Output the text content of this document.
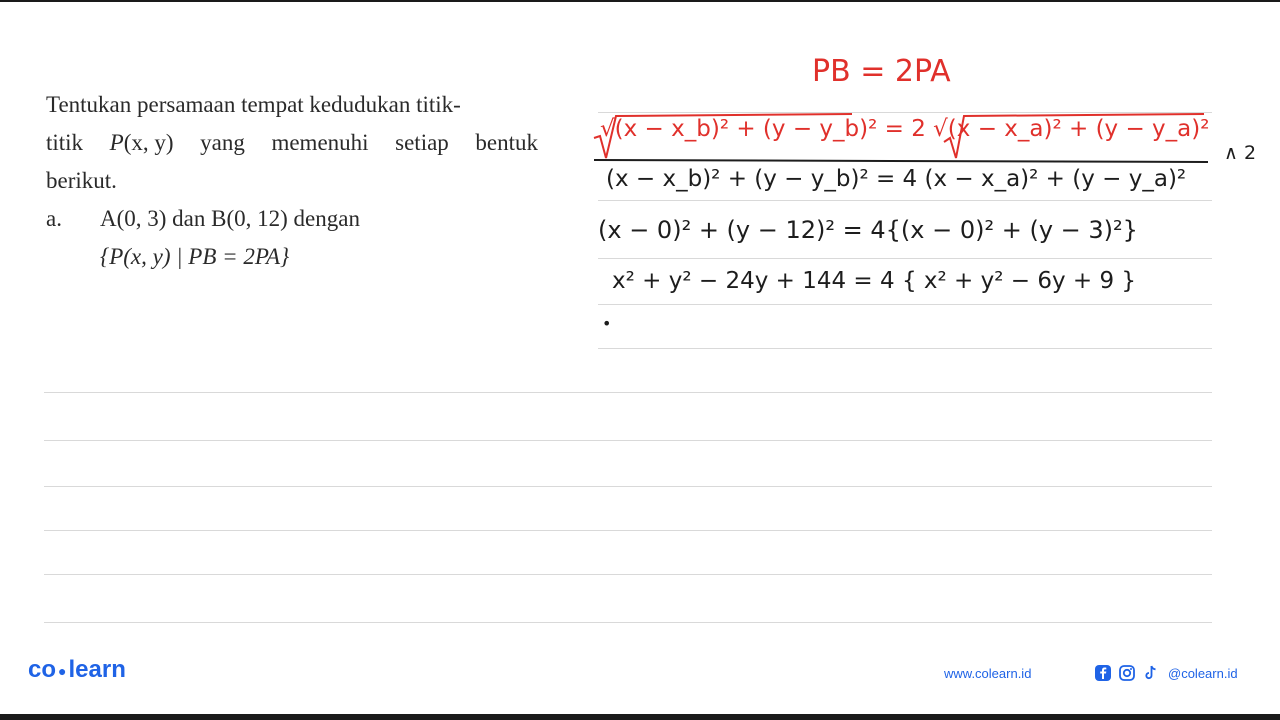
Tentukan persamaan tempat kedudukan titik-
titik P(x, y) yang memenuhi setiap bentuk
berikut.
a. A(0, 3) dan B(0, 12) dengan
{P(x, y) | PB = 2PA}
PB = 2PA
√(x − x_b)² + (y − y_b)² = 2 √(x − x_a)² + (y − y_a)²
∧ 2
(x − x_b)² + (y − y_b)² = 4 (x − x_a)² + (y − y_a)²
(x − 0)² + (y − 12)² = 4{(x − 0)² + (y − 3)²}
x² + y² − 24y + 144 = 4 { x² + y² − 6y + 9 }
•
co ●learn	www.colearn.id	@colearn.id
